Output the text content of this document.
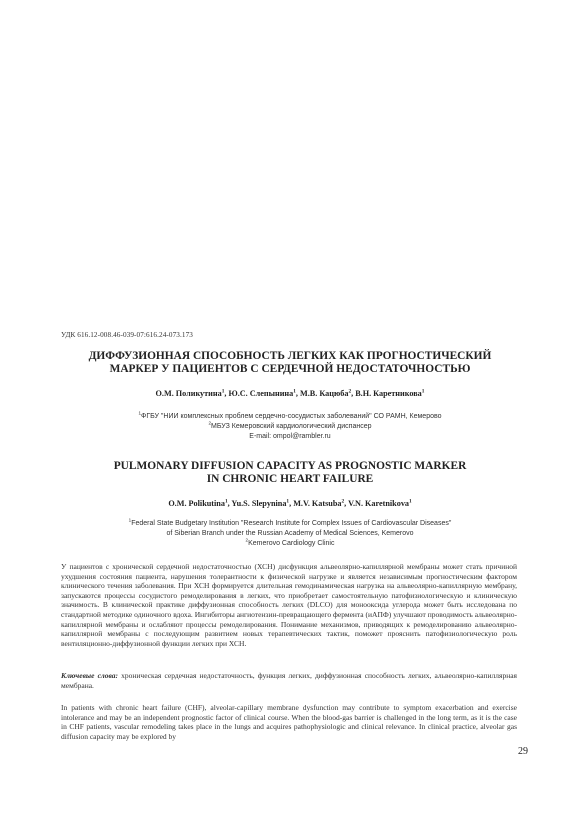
УДК 616.12-008.46-039-07:616.24-073.173
ДИФФУЗИОННАЯ СПОСОБНОСТЬ ЛЕГКИХ КАК ПРОГНОСТИЧЕСКИЙ
МАРКЕР У ПАЦИЕНТОВ С СЕРДЕЧНОЙ НЕДОСТАТОЧНОСТЬЮ
О.М. Поликутина$^1$, Ю.С. Слепынина$^1$, М.В. Кацюба$^2$, В.Н. Каретникова$^1$
$^1$ФГБУ "НИИ комплексных проблем сердечно-сосудистых заболеваний" СО РАМН, Кемерово
$^2$МБУЗ Кемеровский кардиологический диспансер
E-mail: ompol@rambler.ru
PULMONARY DIFFUSION CAPACITY AS PROGNOSTIC MARKER
IN CHRONIC HEART FAILURE
O.M. Polikutina$^1$, Yu.S. Slepynina$^1$, M.V. Katsuba$^2$, V.N. Karetnikova$^1$
$^1$Federal State Budgetary Institution "Research Institute for Complex Issues of Cardiovascular Diseases"
of Siberian Branch under the Russian Academy of Medical Sciences, Kemerovo
$^2$Kemerovo Cardiology Clinic
У пациентов с хронической сердечной недостаточностью (ХСН) дисфункция альвеолярно-капиллярной мембраны может стать причиной ухудшения состояния пациента, нарушения толерантности к физической нагрузке и является независимым прогностическим фактором клинического течения заболевания. При ХСН формируется длительная гемодинамическая нагрузка на альвеолярно-капиллярную мембрану, запускаются процессы сосудистого ремоделирования в легких, что приобретает самостоятельную патофизиологическую и клиническую значимость. В клинической практике диффузионная способность легких (DLCO) для монооксида углерода может быть исследована по стандартной методике одиночного вдоха. Ингибиторы ангиотензин-превращающего фермента (иАПФ) улучшают проводимость альвеолярно-капиллярной мембраны и ослабляют процессы ремоделирования. Понимание механизмов, приводящих к ремоделированию альвеолярно-капиллярной мембраны с последующим развитием новых терапевтических тактик, поможет прояснить патофизиологическую роль вентиляционно-диффузионной функции легких при ХСН.
Ключевые слова: хроническая сердечная недостаточность, функция легких, диффузионная способность легких, альвеолярно-капиллярная мембрана.
In patients with chronic heart failure (CHF), alveolar-capillary membrane dysfunction may contribute to symptom exacerbation and exercise intolerance and may be an independent prognostic factor of clinical course. When the blood-gas barrier is challenged in the long term, as it is the case in CHF patients, vascular remodeling takes place in the lungs and acquires pathophysiologic and clinical relevance. In clinical practice, alveolar gas diffusion capacity may be explored by
29
